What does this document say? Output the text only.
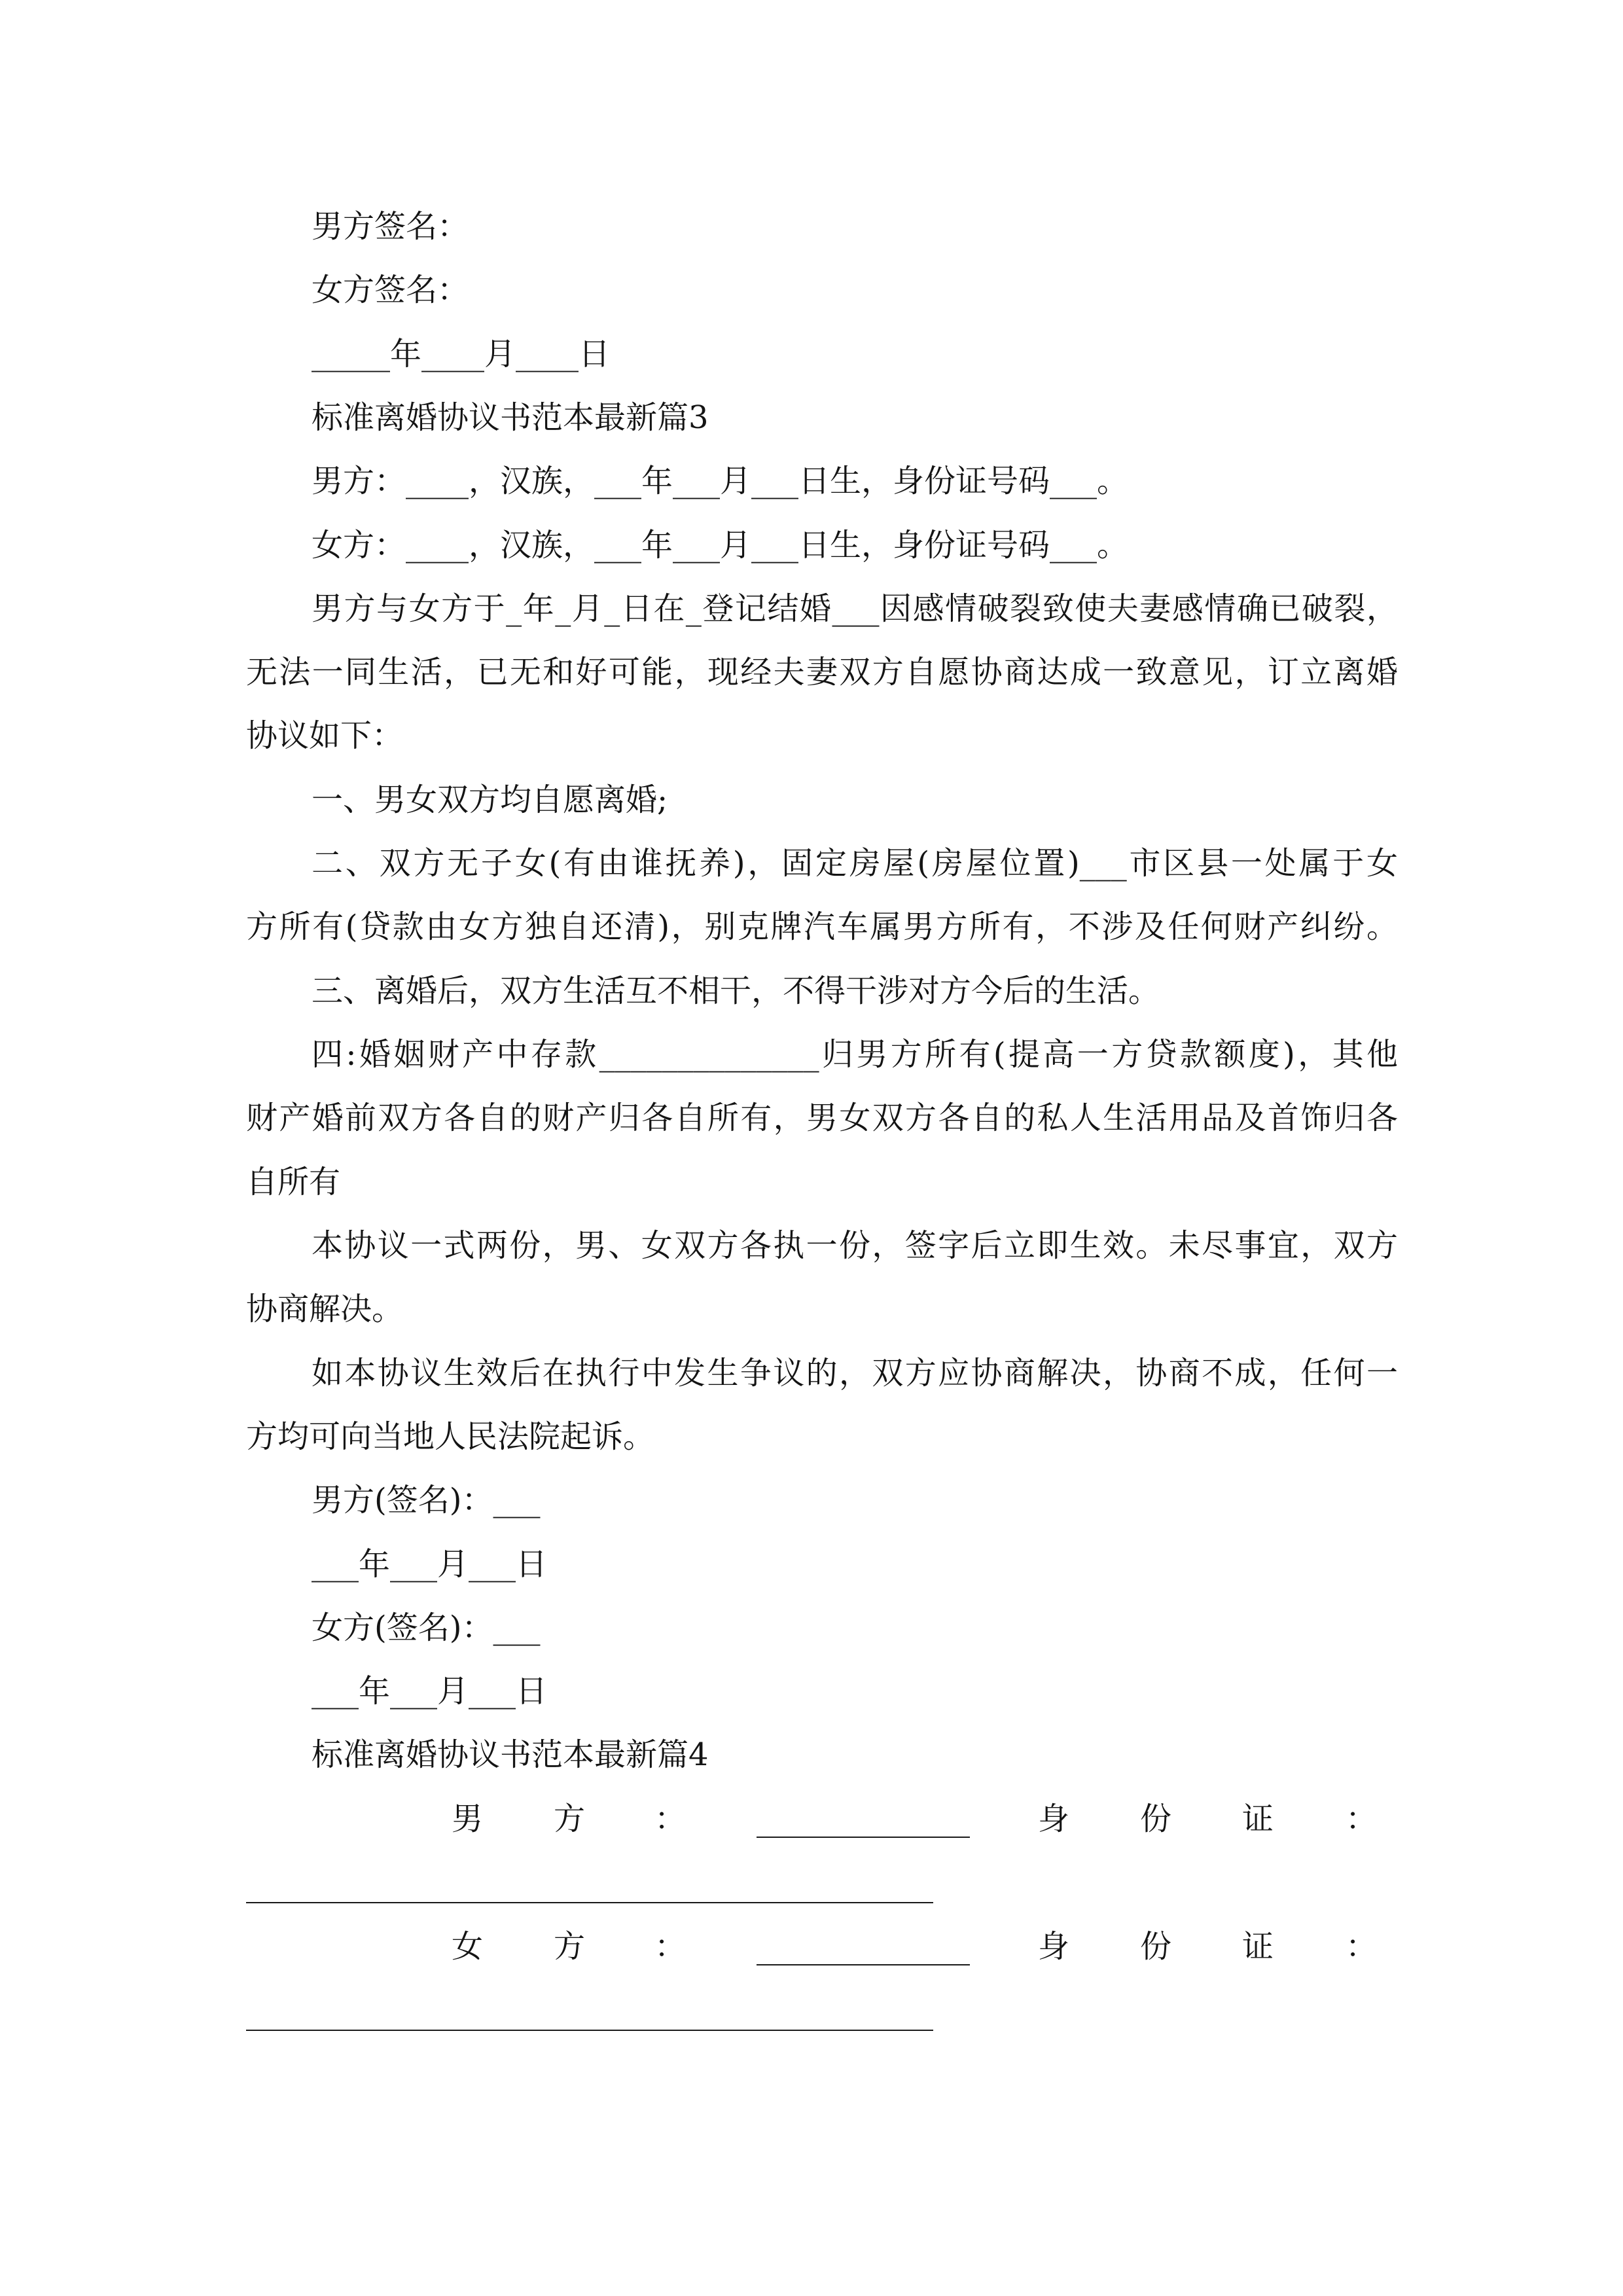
男方签名：
女方签名：
_____年____月____日
标准离婚协议书范本最新篇3
男方：____，汉族，___年___月___日生，身份证号码___。
女方：____，汉族，___年___月___日生，身份证号码___。
男方与女方于_年_月_日在_登记结婚___因感情破裂致使夫妻感情确已破裂，
无法一同生活，已无和好可能，现经夫妻双方自愿协商达成一致意见，订立离婚
协议如下：
一、男女双方均自愿离婚;
二、双方无子女(有由谁抚养)，固定房屋(房屋位置)___市区县一处属于女
方所有(贷款由女方独自还清)，别克牌汽车属男方所有，不涉及任何财产纠纷。
三、离婚后，双方生活互不相干，不得干涉对方今后的生活。
四:婚姻财产中存款______________归男方所有(提高一方贷款额度)，其他
财产婚前双方各自的财产归各自所有，男女双方各自的私人生活用品及首饰归各
自所有
本协议一式两份，男、女双方各执一份，签字后立即生效。未尽事宜，双方
协商解决。
如本协议生效后在执行中发生争议的，双方应协商解决，协商不成，任何一
方均可向当地人民法院起诉。
男方(签名)：___
___年___月___日
女方(签名)：___
___年___月___日
标准离婚协议书范本最新篇4
男 方 ：	身 份 证 ：
女 方 ：	身 份 证 ：
